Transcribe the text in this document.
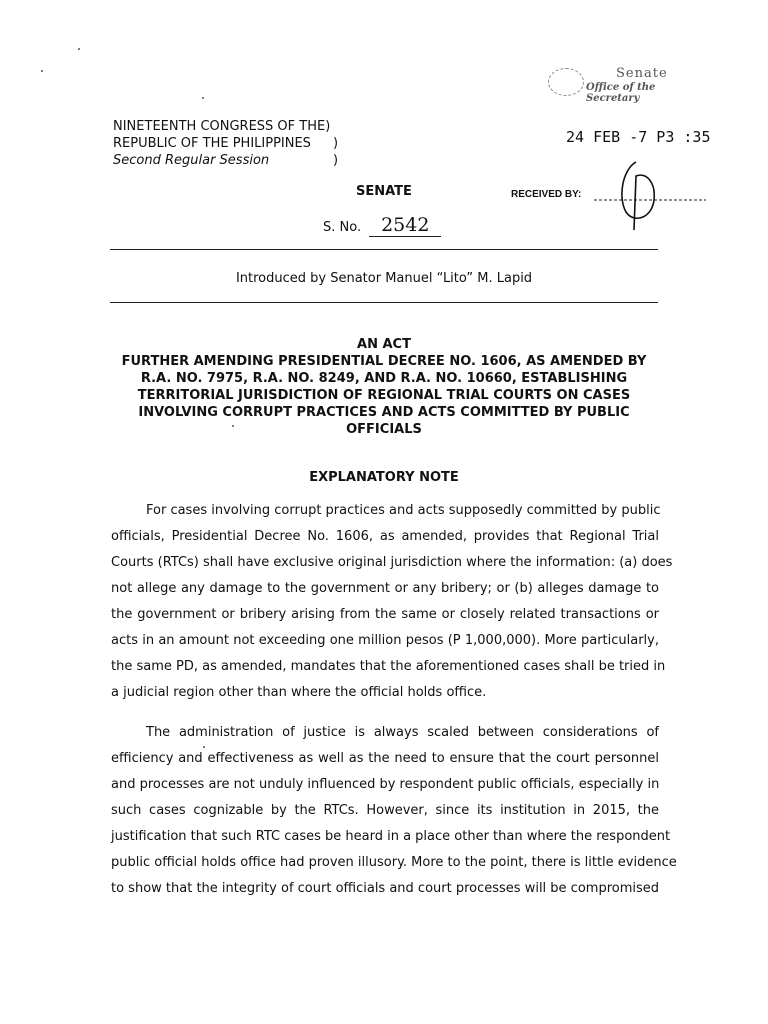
Senate
Office of the Secretary
NINETEENTH CONGRESS OF THE)
REPUBLIC OF THE PHILIPPINES )
Second Regular Session	)
24 FEB -7 P3 :35
SENATE	RECEIVED BY:
S. No. 2542
Introduced by Senator Manuel “Lito” M. Lapid
AN ACT
FURTHER AMENDING PRESIDENTIAL DECREE NO. 1606, AS AMENDED BY
R.A. NO. 7975, R.A. NO. 8249, AND R.A. NO. 10660, ESTABLISHING
TERRITORIAL JURISDICTION OF REGIONAL TRIAL COURTS ON CASES
INVOLVING CORRUPT PRACTICES AND ACTS COMMITTED BY PUBLIC
OFFICIALS
EXPLANATORY NOTE
For cases involving corrupt practices and acts supposedly committed by public
officials, Presidential Decree No. 1606, as amended, provides that Regional Trial
Courts (RTCs) shall have exclusive original jurisdiction where the information: (a) does
not allege any damage to the government or any bribery; or (b) alleges damage to
the government or bribery arising from the same or closely related transactions or
acts in an amount not exceeding one million pesos (P 1,000,000). More particularly,
the same PD, as amended, mandates that the aforementioned cases shall be tried in
a judicial region other than where the official holds office.
The administration of justice is always scaled between considerations of
efficiency and effectiveness as well as the need to ensure that the court personnel
and processes are not unduly influenced by respondent public officials, especially in
such cases cognizable by the RTCs. However, since its institution in 2015, the
justification that such RTC cases be heard in a place other than where the respondent
public official holds office had proven illusory. More to the point, there is little evidence
to show that the integrity of court officials and court processes will be compromised
